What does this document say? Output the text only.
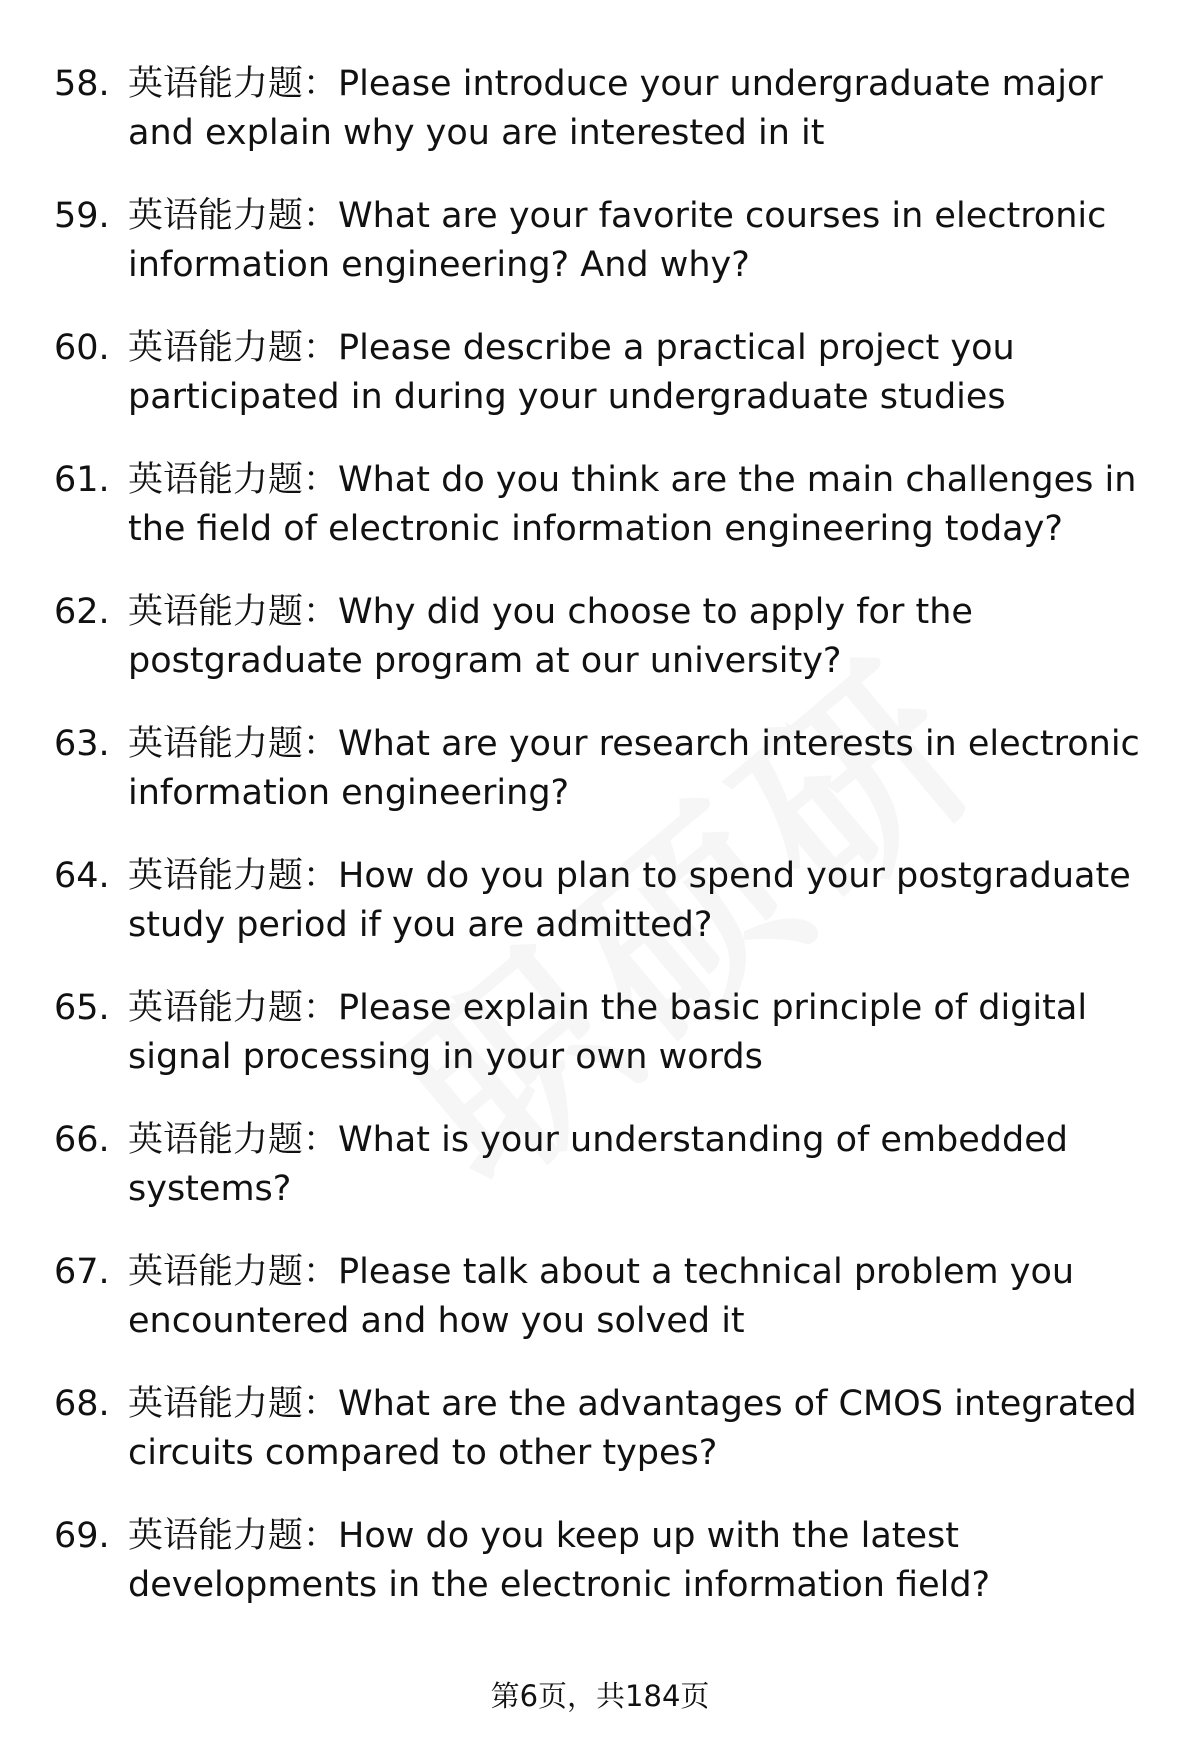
58. 英语能力题：Please introduce your undergraduate major and explain why you are interested in it
59. 英语能力题：What are your favorite courses in electronic information engineering? And why?
60. 英语能力题：Please describe a practical project you participated in during your undergraduate studies
61. 英语能力题：What do you think are the main challenges in the field of electronic information engineering today?
62. 英语能力题：Why did you choose to apply for the postgraduate program at our university?
63. 英语能力题：What are your research interests in electronic information engineering?
64. 英语能力题：How do you plan to spend your postgraduate study period if you are admitted?
65. 英语能力题：Please explain the basic principle of digital signal processing in your own words
66. 英语能力题：What is your understanding of embedded systems?
67. 英语能力题：Please talk about a technical problem you encountered and how you solved it
68. 英语能力题：What are the advantages of CMOS integrated circuits compared to other types?
69. 英语能力题：How do you keep up with the latest developments in the electronic information field?
第6页，共184页
